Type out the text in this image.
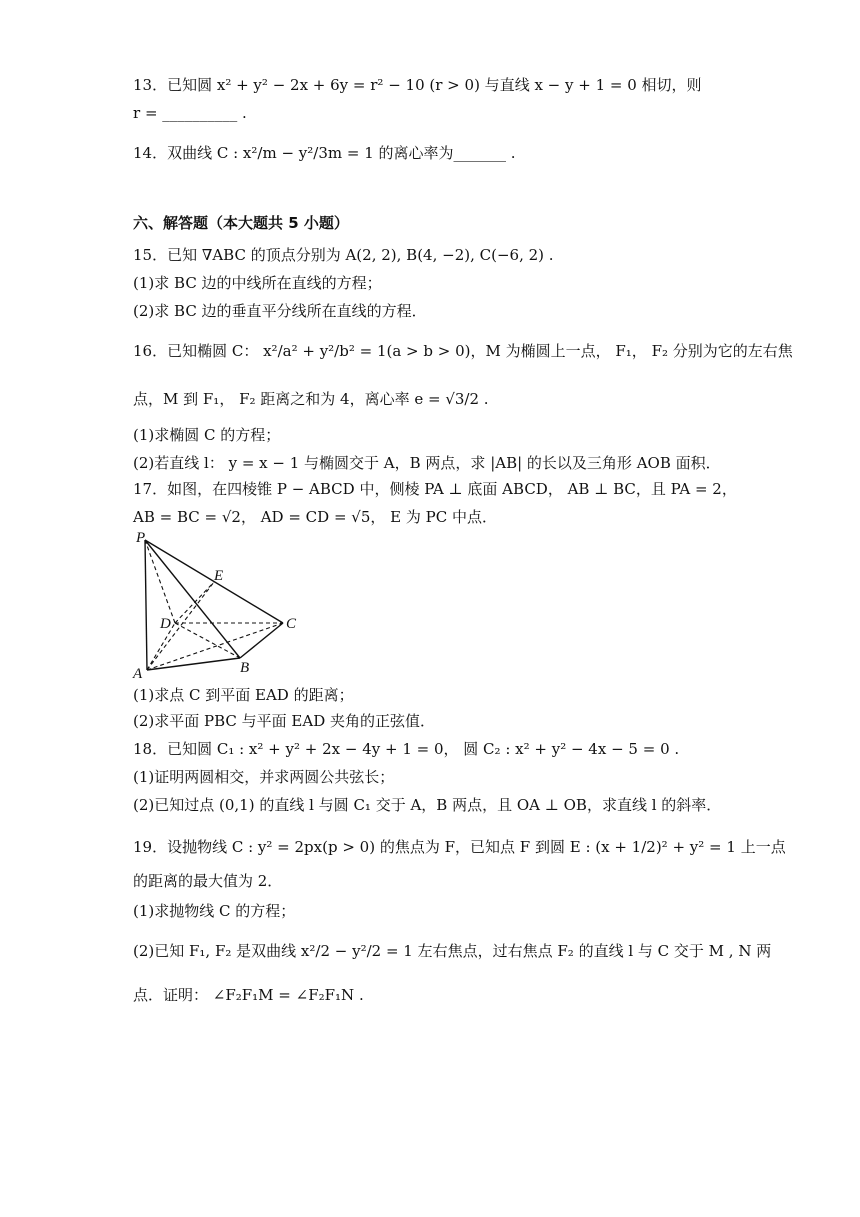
13．已知圆 x² + y² − 2x + 6y = r² − 10 (r > 0) 与直线 x − y + 1 = 0 相切，则
r = __________ .
14．双曲线 C : x²/m − y²/3m = 1 的离心率为_______ .
六、解答题（本大题共 5 小题）
15．已知 ∇ABC 的顶点分别为 A(2, 2), B(4, −2), C(−6, 2) .
(1)求 BC 边的中线所在直线的方程；
(2)求 BC 边的垂直平分线所在直线的方程．
16．已知椭圆 C： x²/a² + y²/b² = 1(a > b > 0)，M 为椭圆上一点， F₁， F₂ 分别为它的左右焦
点，M 到 F₁， F₂ 距离之和为 4，离心率 e = √3/2 .
(1)求椭圆 C 的方程；
(2)若直线 l： y = x − 1 与椭圆交于 A，B 两点，求 |AB| 的长以及三角形 AOB 面积．
17．如图，在四棱锥 P − ABCD 中，侧棱 PA ⊥ 底面 ABCD， AB ⊥ BC，且 PA = 2，
AB = BC = √2， AD = CD = √5， E 为 PC 中点．
P
E
D	C
A	B
(1)求点 C 到平面 EAD 的距离；
(2)求平面 PBC 与平面 EAD 夹角的正弦值．
18．已知圆 C₁ : x² + y² + 2x − 4y + 1 = 0， 圆 C₂ : x² + y² − 4x − 5 = 0 .
(1)证明两圆相交，并求两圆公共弦长；
(2)已知过点 (0,1) 的直线 l 与圆 C₁ 交于 A，B 两点，且 OA ⊥ OB，求直线 l 的斜率．
19．设抛物线 C : y² = 2px(p > 0) 的焦点为 F，已知点 F 到圆 E : (x + 1/2)² + y² = 1 上一点
的距离的最大值为 2．
(1)求抛物线 C 的方程；
(2)已知 F₁, F₂ 是双曲线 x²/2 − y²/2 = 1 左右焦点，过右焦点 F₂ 的直线 l 与 C 交于 M , N 两
点．证明： ∠F₂F₁M = ∠F₂F₁N .
